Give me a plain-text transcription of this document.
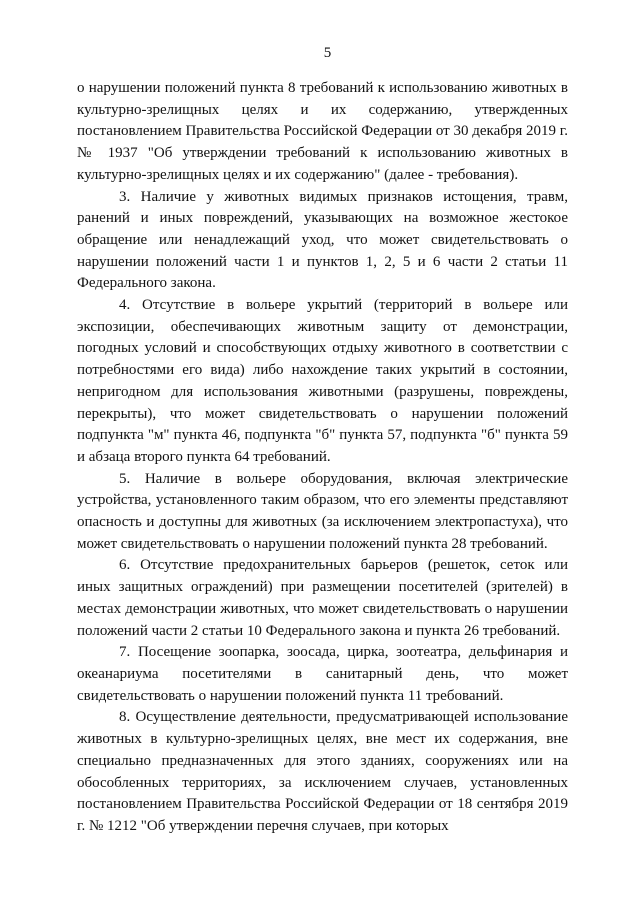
5

о нарушении положений пункта 8 требований к использованию животных в культурно-зрелищных целях и их содержанию, утвержденных постановлением Правительства Российской Федерации от 30 декабря 2019 г. № 1937 "Об утверждении требований к использованию животных в культурно-зрелищных целях и их содержанию" (далее - требования).

3. Наличие у животных видимых признаков истощения, травм, ранений и иных повреждений, указывающих на возможное жестокое обращение или ненадлежащий уход, что может свидетельствовать о нарушении положений части 1 и пунктов 1, 2, 5 и 6 части 2 статьи 11 Федерального закона.

4. Отсутствие в вольере укрытий (территорий в вольере или экспозиции, обеспечивающих животным защиту от демонстрации, погодных условий и способствующих отдыху животного в соответствии с потребностями его вида) либо нахождение таких укрытий в состоянии, непригодном для использования животными (разрушены, повреждены, перекрыты), что может свидетельствовать о нарушении положений подпункта "м" пункта 46, подпункта "б" пункта 57, подпункта "б" пункта 59 и абзаца второго пункта 64 требований.

5. Наличие в вольере оборудования, включая электрические устройства, установленного таким образом, что его элементы представляют опасность и доступны для животных (за исключением электропастуха), что может свидетельствовать о нарушении положений пункта 28 требований.

6. Отсутствие предохранительных барьеров (решеток, сеток или иных защитных ограждений) при размещении посетителей (зрителей) в местах демонстрации животных, что может свидетельствовать о нарушении положений части 2 статьи 10 Федерального закона и пункта 26 требований.

7. Посещение зоопарка, зоосада, цирка, зоотеатра, дельфинария и океанариума посетителями в санитарный день, что может свидетельствовать о нарушении положений пункта 11 требований.

8. Осуществление деятельности, предусматривающей использование животных в культурно-зрелищных целях, вне мест их содержания, вне специально предназначенных для этого зданиях, сооружениях или на обособленных территориях, за исключением случаев, установленных постановлением Правительства Российской Федерации от 18 сентября 2019 г. № 1212 "Об утверждении перечня случаев, при которых
